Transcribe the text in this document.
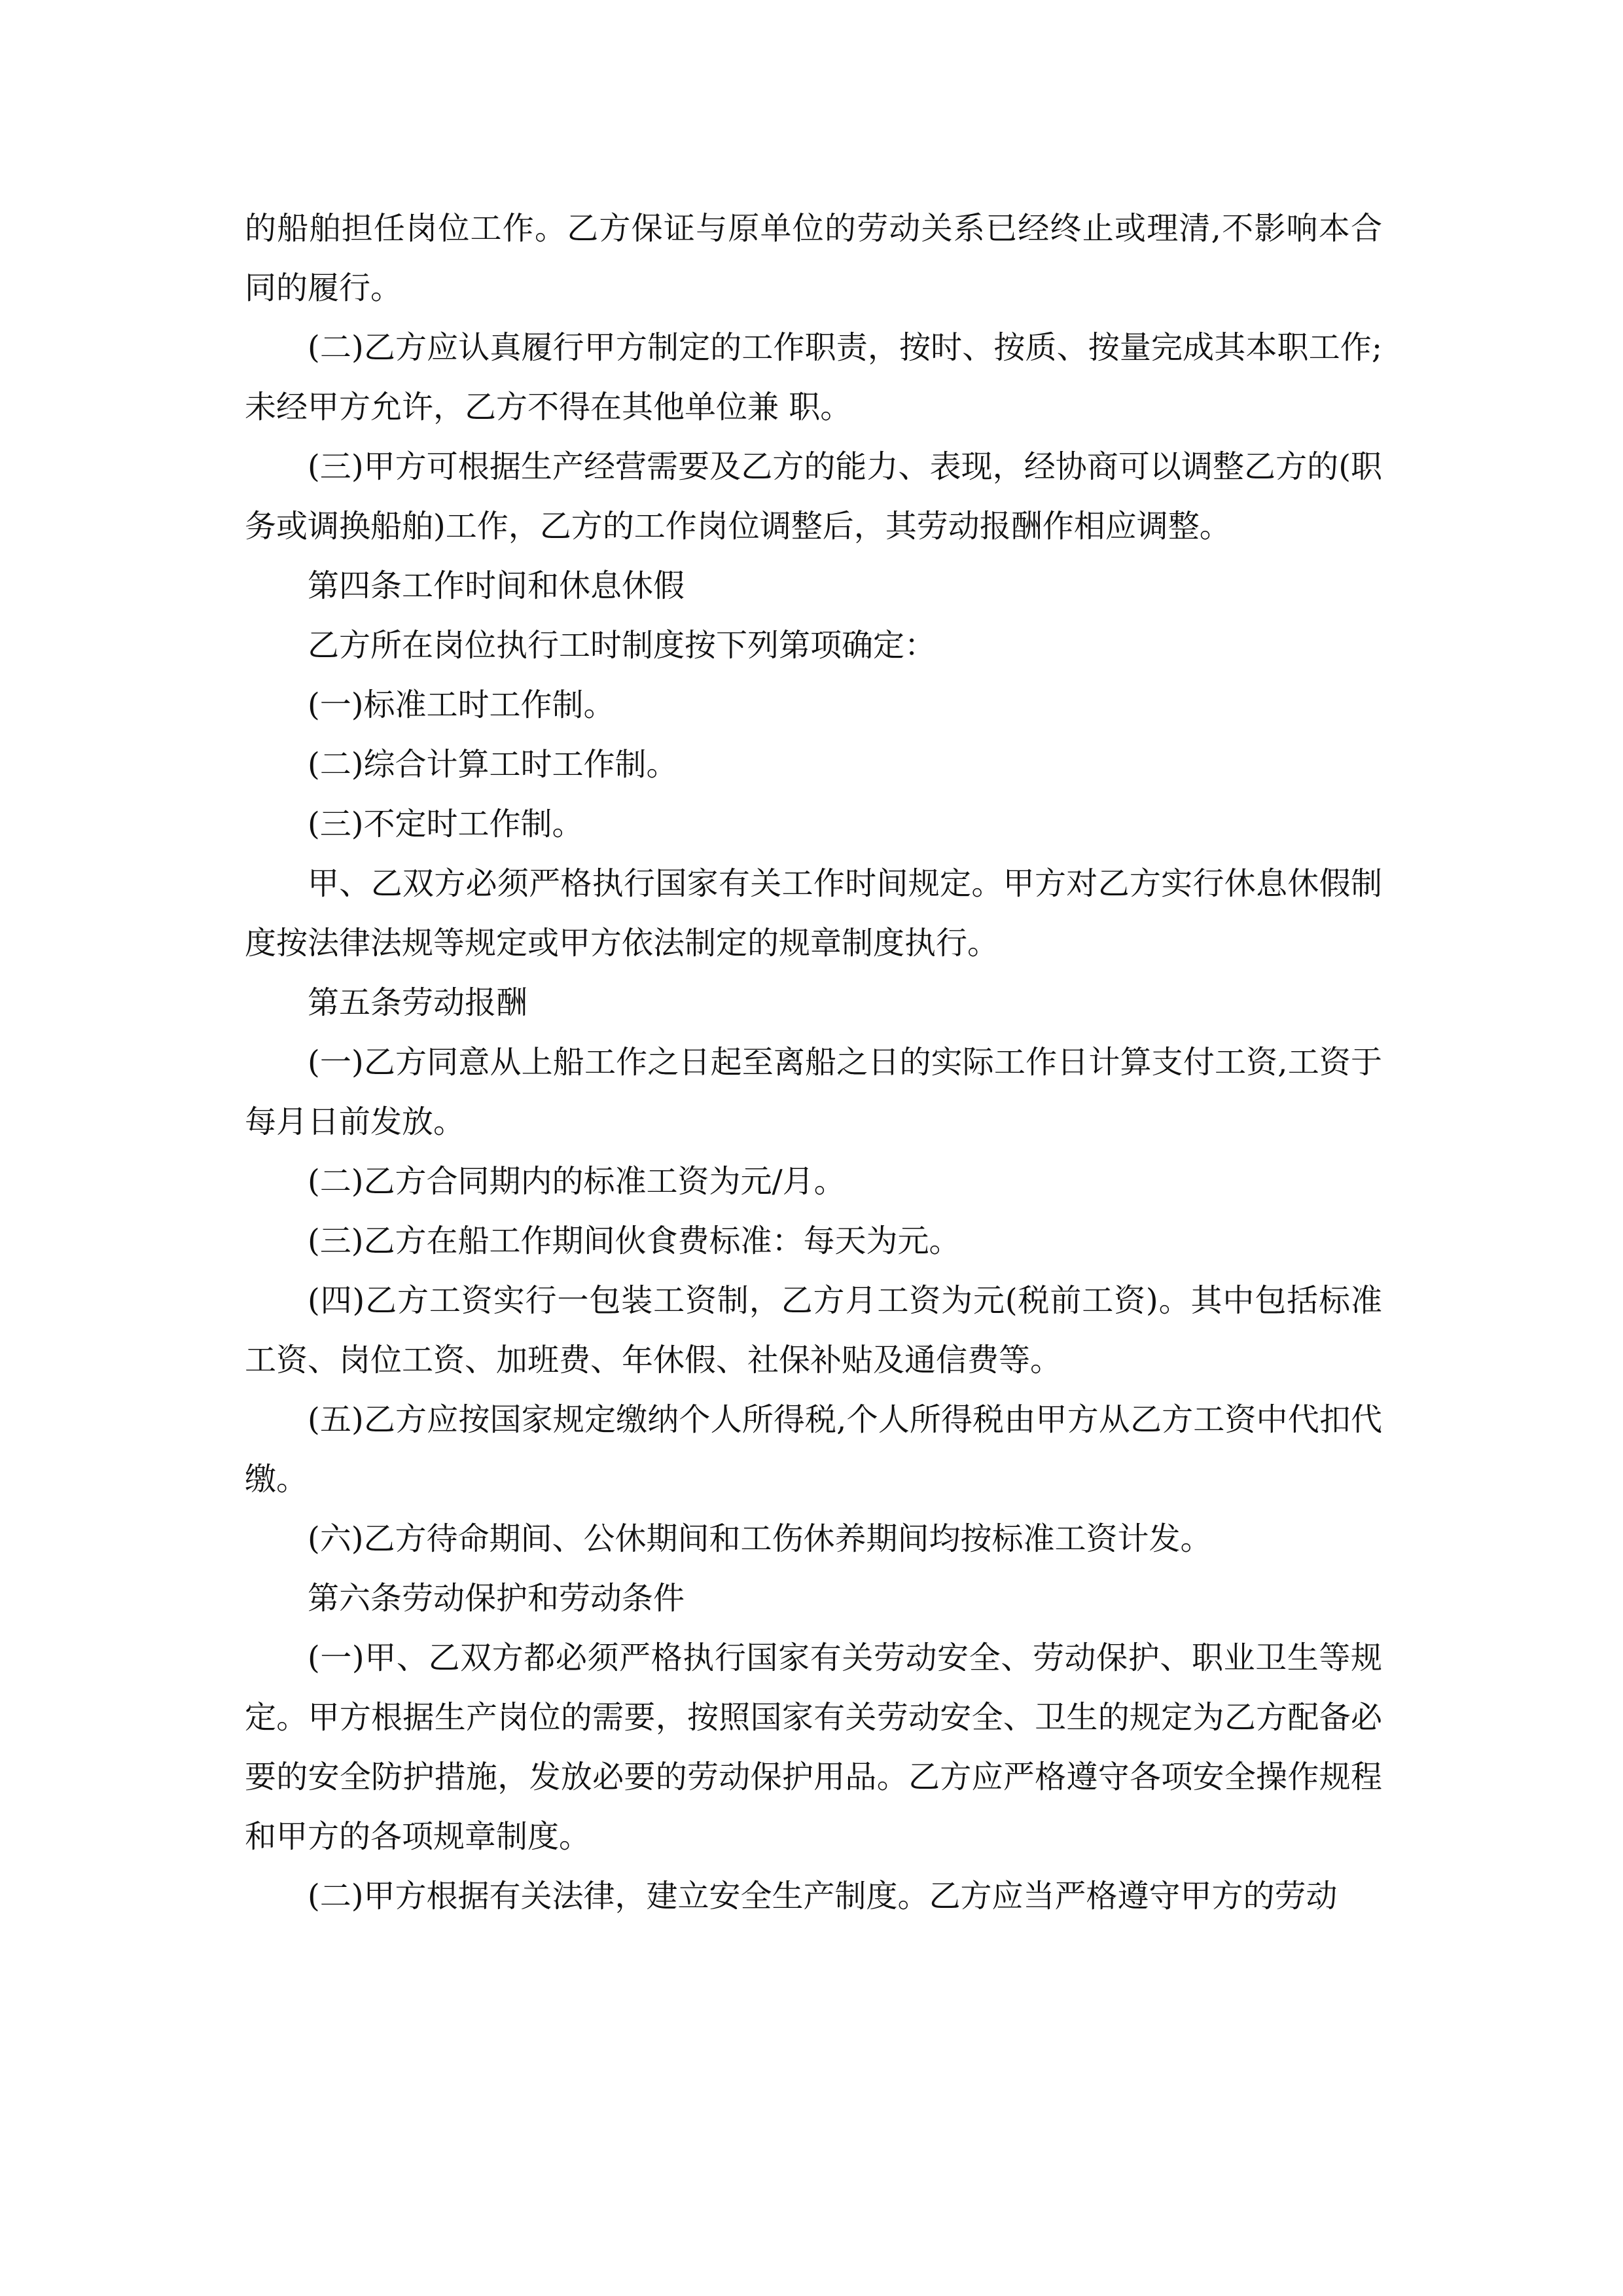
的船舶担任岗位工作。乙方保证与原单位的劳动关系已经终止或理清,不影响本合同的履行。

(二)乙方应认真履行甲方制定的工作职责，按时、按质、按量完成其本职工作;未经甲方允许，乙方不得在其他单位兼 职。

(三)甲方可根据生产经营需要及乙方的能力、表现，经协商可以调整乙方的(职务或调换船舶)工作，乙方的工作岗位调整后，其劳动报酬作相应调整。

第四条工作时间和休息休假

乙方所在岗位执行工时制度按下列第项确定：

(一)标准工时工作制。

(二)综合计算工时工作制。

(三)不定时工作制。

甲、乙双方必须严格执行国家有关工作时间规定。甲方对乙方实行休息休假制度按法律法规等规定或甲方依法制定的规章制度执行。

第五条劳动报酬

(一)乙方同意从上船工作之日起至离船之日的实际工作日计算支付工资,工资于每月日前发放。

(二)乙方合同期内的标准工资为元/月。

(三)乙方在船工作期间伙食费标准：每天为元。

(四)乙方工资实行一包装工资制，乙方月工资为元(税前工资)。其中包括标准工资、岗位工资、加班费、年休假、社保补贴及通信费等。

(五)乙方应按国家规定缴纳个人所得税,个人所得税由甲方从乙方工资中代扣代缴。

(六)乙方待命期间、公休期间和工伤休养期间均按标准工资计发。

第六条劳动保护和劳动条件

(一)甲、乙双方都必须严格执行国家有关劳动安全、劳动保护、职业卫生等规定。甲方根据生产岗位的需要，按照国家有关劳动安全、卫生的规定为乙方配备必要的安全防护措施，发放必要的劳动保护用品。乙方应严格遵守各项安全操作规程和甲方的各项规章制度。

(二)甲方根据有关法律，建立安全生产制度。乙方应当严格遵守甲方的劳动
